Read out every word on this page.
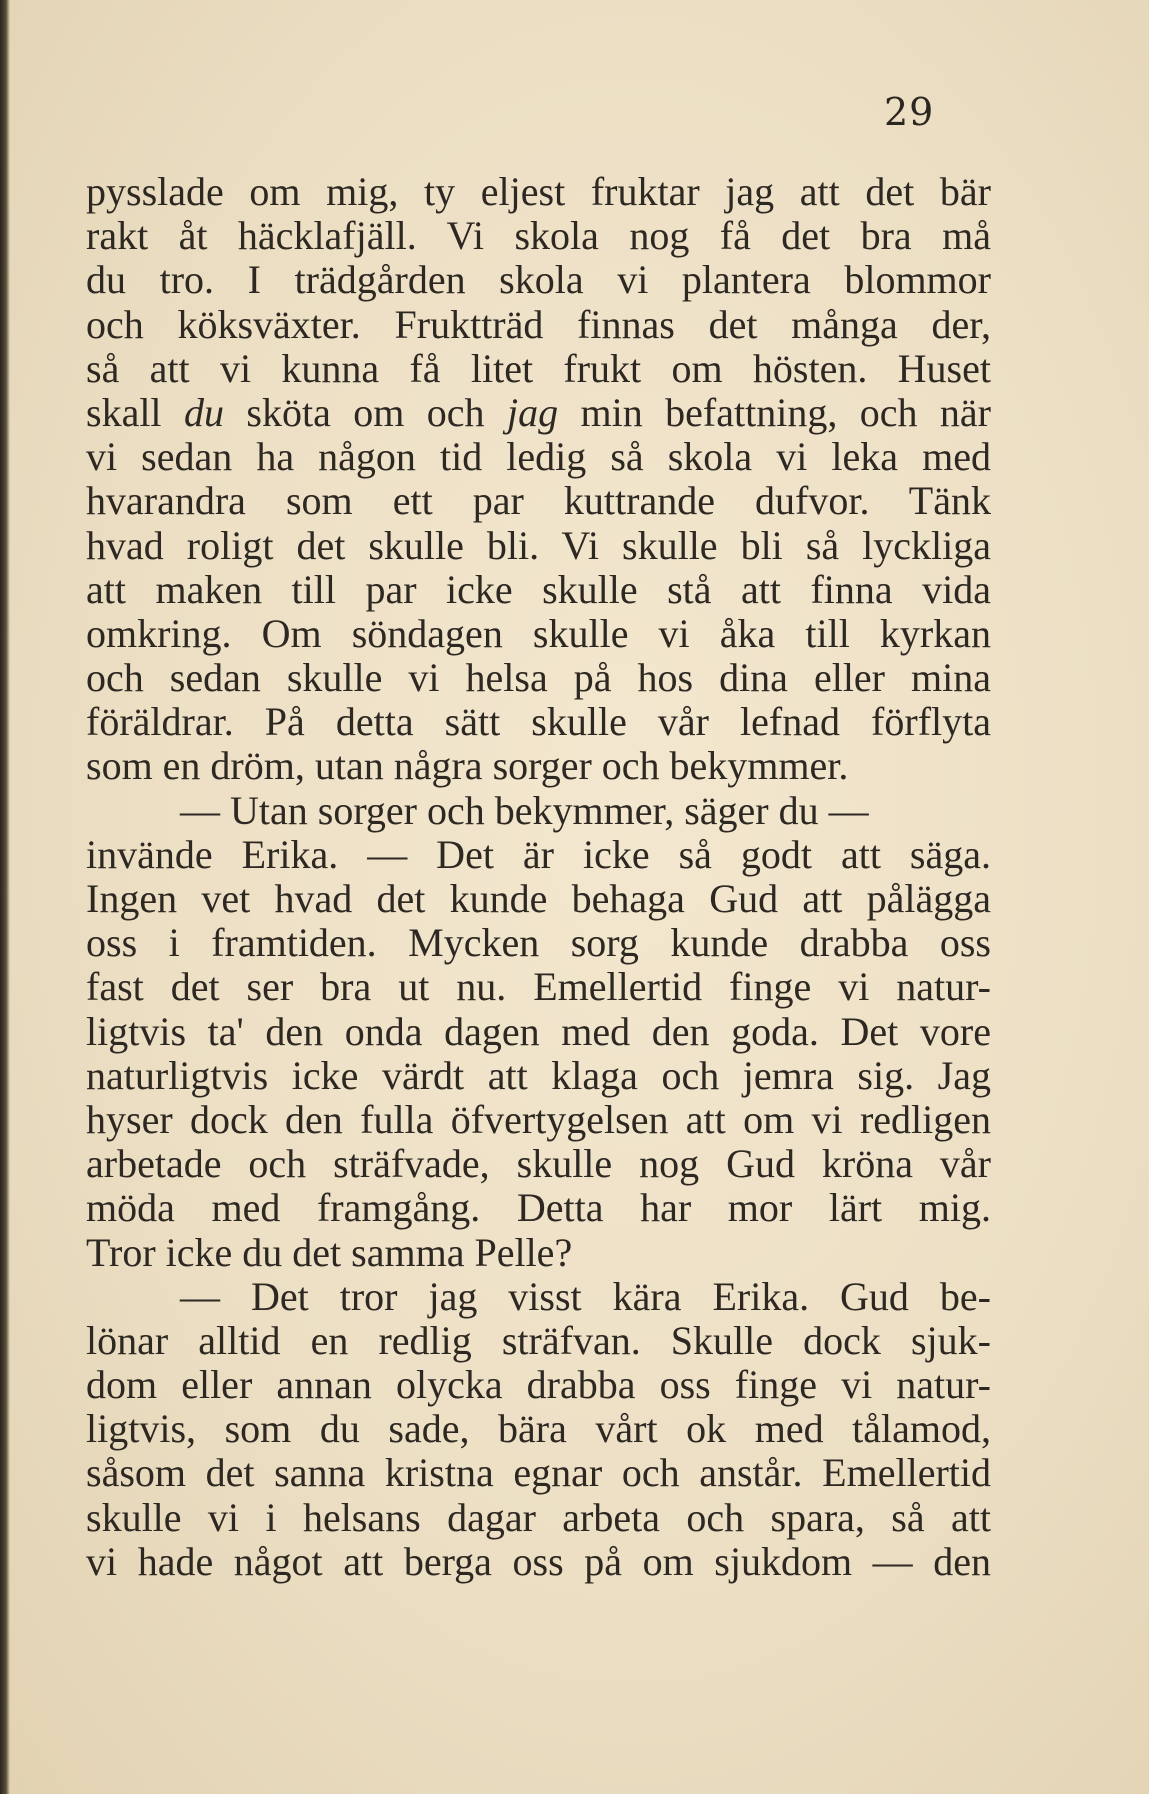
29
pysslade om mig, ty eljest fruktar jag att det bär
rakt åt häcklafjäll. Vi skola nog få det bra må
du tro. I trädgården skola vi plantera blommor
och köksväxter. Fruktträd finnas det många der,
så att vi kunna få litet frukt om hösten. Huset
skall du sköta om och jag min befattning, och när
vi sedan ha någon tid ledig så skola vi leka med
hvarandra som ett par kuttrande dufvor. Tänk
hvad roligt det skulle bli. Vi skulle bli så lyckliga
att maken till par icke skulle stå att finna vida
omkring. Om söndagen skulle vi åka till kyrkan
och sedan skulle vi helsa på hos dina eller mina
föräldrar. På detta sätt skulle vår lefnad förflyta
som en dröm, utan några sorger och bekymmer.
— Utan sorger och bekymmer, säger du —
invände Erika. — Det är icke så godt att säga.
Ingen vet hvad det kunde behaga Gud att pålägga
oss i framtiden. Mycken sorg kunde drabba oss
fast det ser bra ut nu. Emellertid finge vi natur-
ligtvis ta' den onda dagen med den goda. Det vore
naturligtvis icke värdt att klaga och jemra sig. Jag
hyser dock den fulla öfvertygelsen att om vi redligen
arbetade och sträfvade, skulle nog Gud kröna vår
möda med framgång. Detta har mor lärt mig.
Tror icke du det samma Pelle?
— Det tror jag visst kära Erika. Gud be-
lönar alltid en redlig sträfvan. Skulle dock sjuk-
dom eller annan olycka drabba oss finge vi natur-
ligtvis, som du sade, bära vårt ok med tålamod,
såsom det sanna kristna egnar och anstår. Emellertid
skulle vi i helsans dagar arbeta och spara, så att
vi hade något att berga oss på om sjukdom — den
